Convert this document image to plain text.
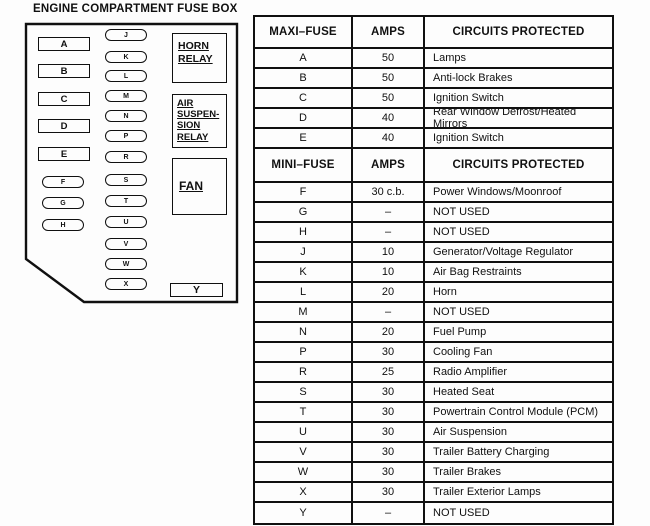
ENGINE COMPARTMENT FUSE BOX
A
B
C
D
E
F
G
H
J
K
L
M
N
P
R
S
T
U
V
W
X
HORN
RELAY
AIR
SUSPEN-
SION
RELAY
FAN
Y
MAXI–FUSE	AMPS	CIRCUITS PROTECTED
A	50	Lamps
B	50	Anti-lock Brakes
C	50	Ignition Switch
D	40	Rear Window Defrost/Heated Mirrors
E	40	Ignition Switch
MINI–FUSE	AMPS	CIRCUITS PROTECTED
F	30 c.b.	Power Windows/Moonroof
G	–	NOT USED
H	–	NOT USED
J	10	Generator/Voltage Regulator
K	10	Air Bag Restraints
L	20	Horn
M	–	NOT USED
N	20	Fuel Pump
P	30	Cooling Fan
R	25	Radio Amplifier
S	30	Heated Seat
T	30	Powertrain Control Module (PCM)
U	30	Air Suspension
V	30	Trailer Battery Charging
W	30	Trailer Brakes
X	30	Trailer Exterior Lamps
Y	–	NOT USED
